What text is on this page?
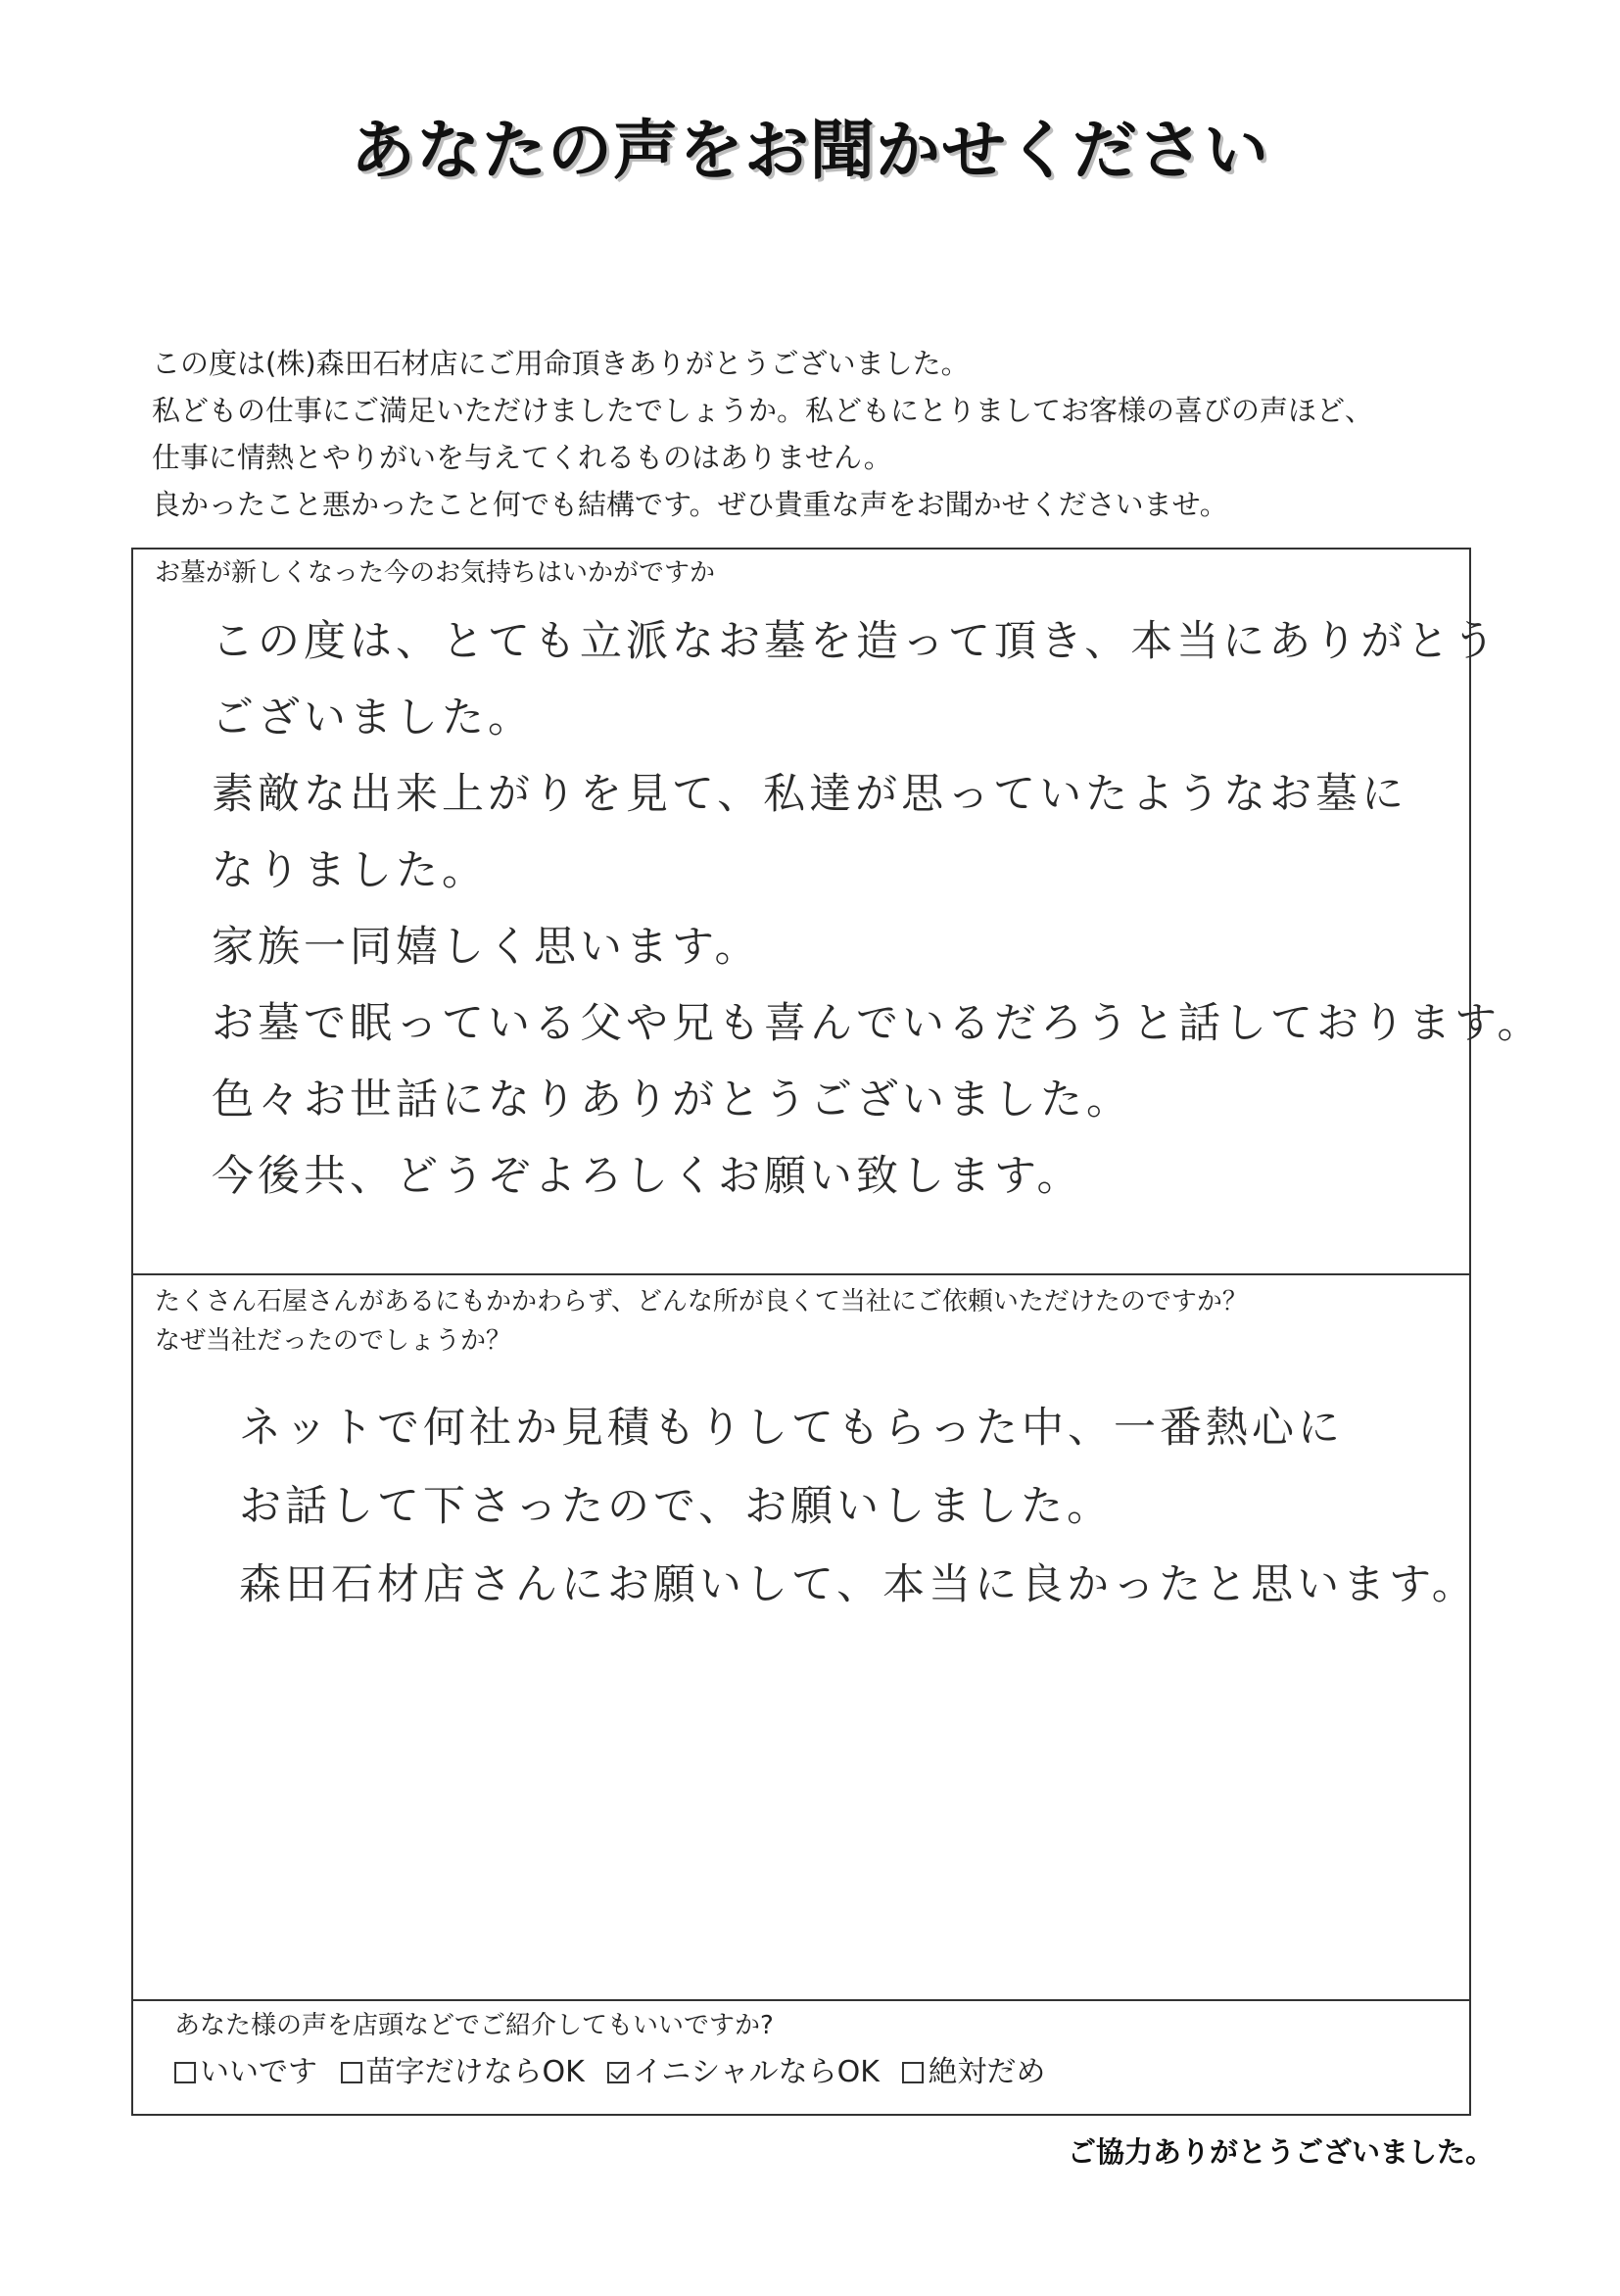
あなたの声をお聞かせください
この度は(株)森田石材店にご用命頂きありがとうございました。
私どもの仕事にご満足いただけましたでしょうか。私どもにとりましてお客様の喜びの声ほど、
仕事に情熱とやりがいを与えてくれるものはありません。
良かったこと悪かったこと何でも結構です。ぜひ貴重な声をお聞かせくださいませ。
お墓が新しくなった今のお気持ちはいかがですか
この度は、とても立派なお墓を造って頂き、本当にありがとう
ございました。
素敵な出来上がりを見て、私達が思っていたようなお墓に
なりました。
家族一同嬉しく思います。
お墓で眠っている父や兄も喜んでいるだろうと話しております。
色々お世話になりありがとうございました。
今後共、どうぞよろしくお願い致します。
たくさん石屋さんがあるにもかかわらず、どんな所が良くて当社にご依頼いただけたのですか？
なぜ当社だったのでしょうか？
ネットで何社か見積もりしてもらった中、一番熱心に
お話して下さったので、お願いしました。
森田石材店さんにお願いして、本当に良かったと思います。
あなた様の声を店頭などでご紹介してもいいですか?
いいです 苗字だけならOK イニシャルならOK 絶対だめ
ご協力ありがとうございました。
